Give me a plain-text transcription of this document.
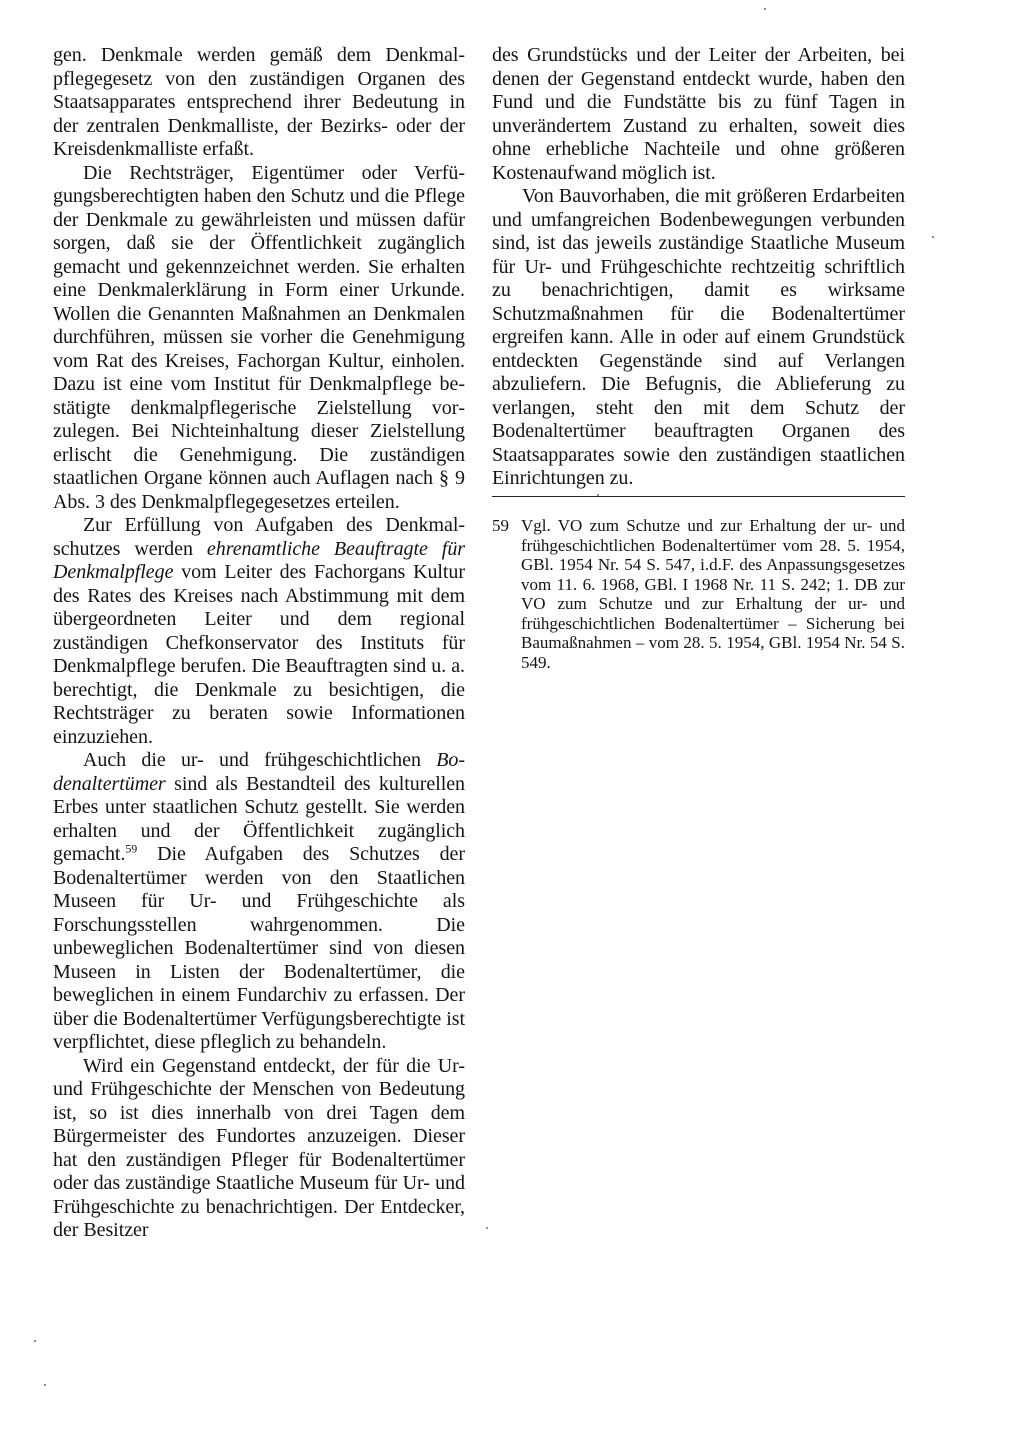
gen. Denkmale werden gemäß dem Denkmalpflegegesetz von den zuständigen Organen des Staatsapparates entsprechend ihrer Bedeutung in der zentralen Denkmalliste, der Bezirks- oder der Kreisdenkmalliste erfaßt.

Die Rechtsträger, Eigentümer oder Verfügungsberechtigten haben den Schutz und die Pflege der Denkmale zu gewährleisten und müssen dafür sorgen, daß sie der Öffentlichkeit zugänglich gemacht und gekennzeichnet werden. Sie erhalten eine Denkmalerklärung in Form einer Urkunde. Wollen die Genannten Maßnahmen an Denkmalen durchführen, müssen sie vorher die Genehmigung vom Rat des Kreises, Fachorgan Kultur, einholen. Dazu ist eine vom Institut für Denkmalpflege bestätigte denkmalpflegerische Zielstellung vorzulegen. Bei Nichteinhaltung dieser Zielstellung erlischt die Genehmigung. Die zuständigen staatlichen Organe können auch Auflagen nach § 9 Abs. 3 des Denkmalpflegegesetzes erteilen.

Zur Erfüllung von Aufgaben des Denkmalschutzes werden ehrenamtliche Beauftragte für Denkmalpflege vom Leiter des Fachorgans Kultur des Rates des Kreises nach Abstimmung mit dem übergeordneten Leiter und dem regional zuständigen Chefkonservator des Instituts für Denkmalpflege berufen. Die Beauftragten sind u. a. berechtigt, die Denkmale zu besichtigen, die Rechtsträger zu beraten sowie Informationen einzuziehen.

Auch die ur- und frühgeschichtlichen Bodenaltertümer sind als Bestandteil des kulturellen Erbes unter staatlichen Schutz gestellt. Sie werden erhalten und der Öffentlichkeit zugänglich gemacht.$^{59}$ Die Aufgaben des Schutzes der Bodenaltertümer werden von den Staatlichen Museen für Ur- und Frühgeschichte als Forschungsstellen wahrgenommen. Die unbeweglichen Bodenaltertümer sind von diesen Museen in Listen der Bodenaltertümer, die beweglichen in einem Fundarchiv zu erfassen. Der über die Bodenaltertümer Verfügungsberechtigte ist verpflichtet, diese pfleglich zu behandeln.

Wird ein Gegenstand entdeckt, der für die Ur- und Frühgeschichte der Menschen von Bedeutung ist, so ist dies innerhalb von drei Tagen dem Bürgermeister des Fundortes anzuzeigen. Dieser hat den zuständigen Pfleger für Bodenaltertümer oder das zuständige Staatliche Museum für Ur- und Frühgeschichte zu benachrichtigen. Der Entdecker, der Besitzer

des Grundstücks und der Leiter der Arbeiten, bei denen der Gegenstand entdeckt wurde, haben den Fund und die Fundstätte bis zu fünf Tagen in unverändertem Zustand zu erhalten, soweit dies ohne erhebliche Nachteile und ohne größeren Kostenaufwand möglich ist.

Von Bauvorhaben, die mit größeren Erdarbeiten und umfangreichen Bodenbewegungen verbunden sind, ist das jeweils zuständige Staatliche Museum für Ur- und Frühgeschichte rechtzeitig schriftlich zu benachrichtigen, damit es wirksame Schutzmaßnahmen für die Bodenaltertümer ergreifen kann. Alle in oder auf einem Grundstück entdeckten Gegenstände sind auf Verlangen abzuliefern. Die Befugnis, die Ablieferung zu verlangen, steht den mit dem Schutz der Bodenaltertümer beauftragten Organen des Staatsapparates sowie den zuständigen staatlichen Einrichtungen zu.

59 Vgl. VO zum Schutze und zur Erhaltung der ur- und frühgeschichtlichen Bodenaltertümer vom 28. 5. 1954, GBl. 1954 Nr. 54 S. 547, i.d.F. des Anpassungsgesetzes vom 11. 6. 1968, GBl. I 1968 Nr. 11 S. 242; 1. DB zur VO zum Schutze und zur Erhaltung der ur- und frühgeschichtlichen Bodenaltertümer – Sicherung bei Baumaßnahmen – vom 28. 5. 1954, GBl. 1954 Nr. 54 S. 549.
